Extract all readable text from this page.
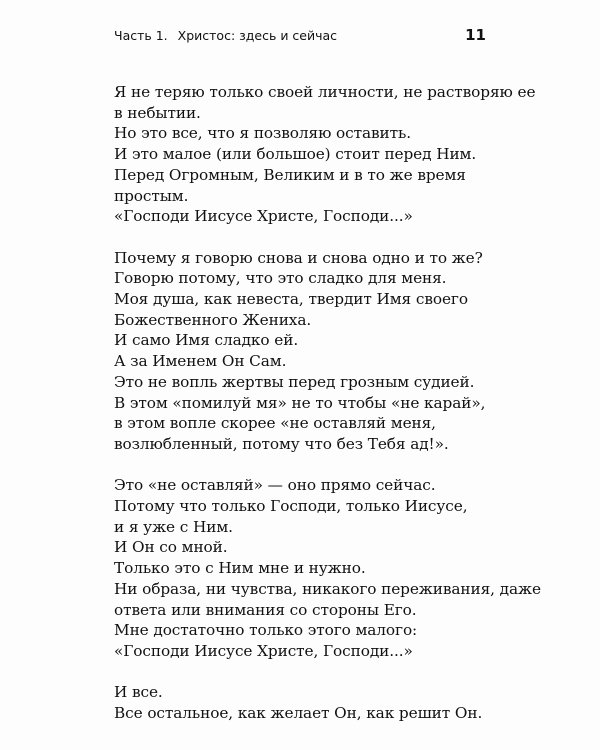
Часть 1. Христос: здесь и сейчас	11
Я не теряю только своей личности, не растворяю ее
в небытии.
Но это все, что я позволяю оставить.
И это малое (или большое) стоит перед Ним.
Перед Огромным, Великим и в то же время
простым.
«Господи Иисусе Христе, Господи...»
Почему я говорю снова и снова одно и то же?
Говорю потому, что это сладко для меня.
Моя душа, как невеста, твердит Имя своего
Божественного Жениха.
И само Имя сладко ей.
А за Именем Он Сам.
Это не вопль жертвы перед грозным судией.
В этом «помилуй мя» не то чтобы «не карай»,
в этом вопле скорее «не оставляй меня,
возлюбленный, потому что без Тебя ад!».
Это «не оставляй» — оно прямо сейчас.
Потому что только Господи, только Иисусе,
и я уже с Ним.
И Он со мной.
Только это с Ним мне и нужно.
Ни образа, ни чувства, никакого переживания, даже
ответа или внимания со стороны Его.
Мне достаточно только этого малого:
«Господи Иисусе Христе, Господи...»
И все.
Все остальное, как желает Он, как решит Он.
